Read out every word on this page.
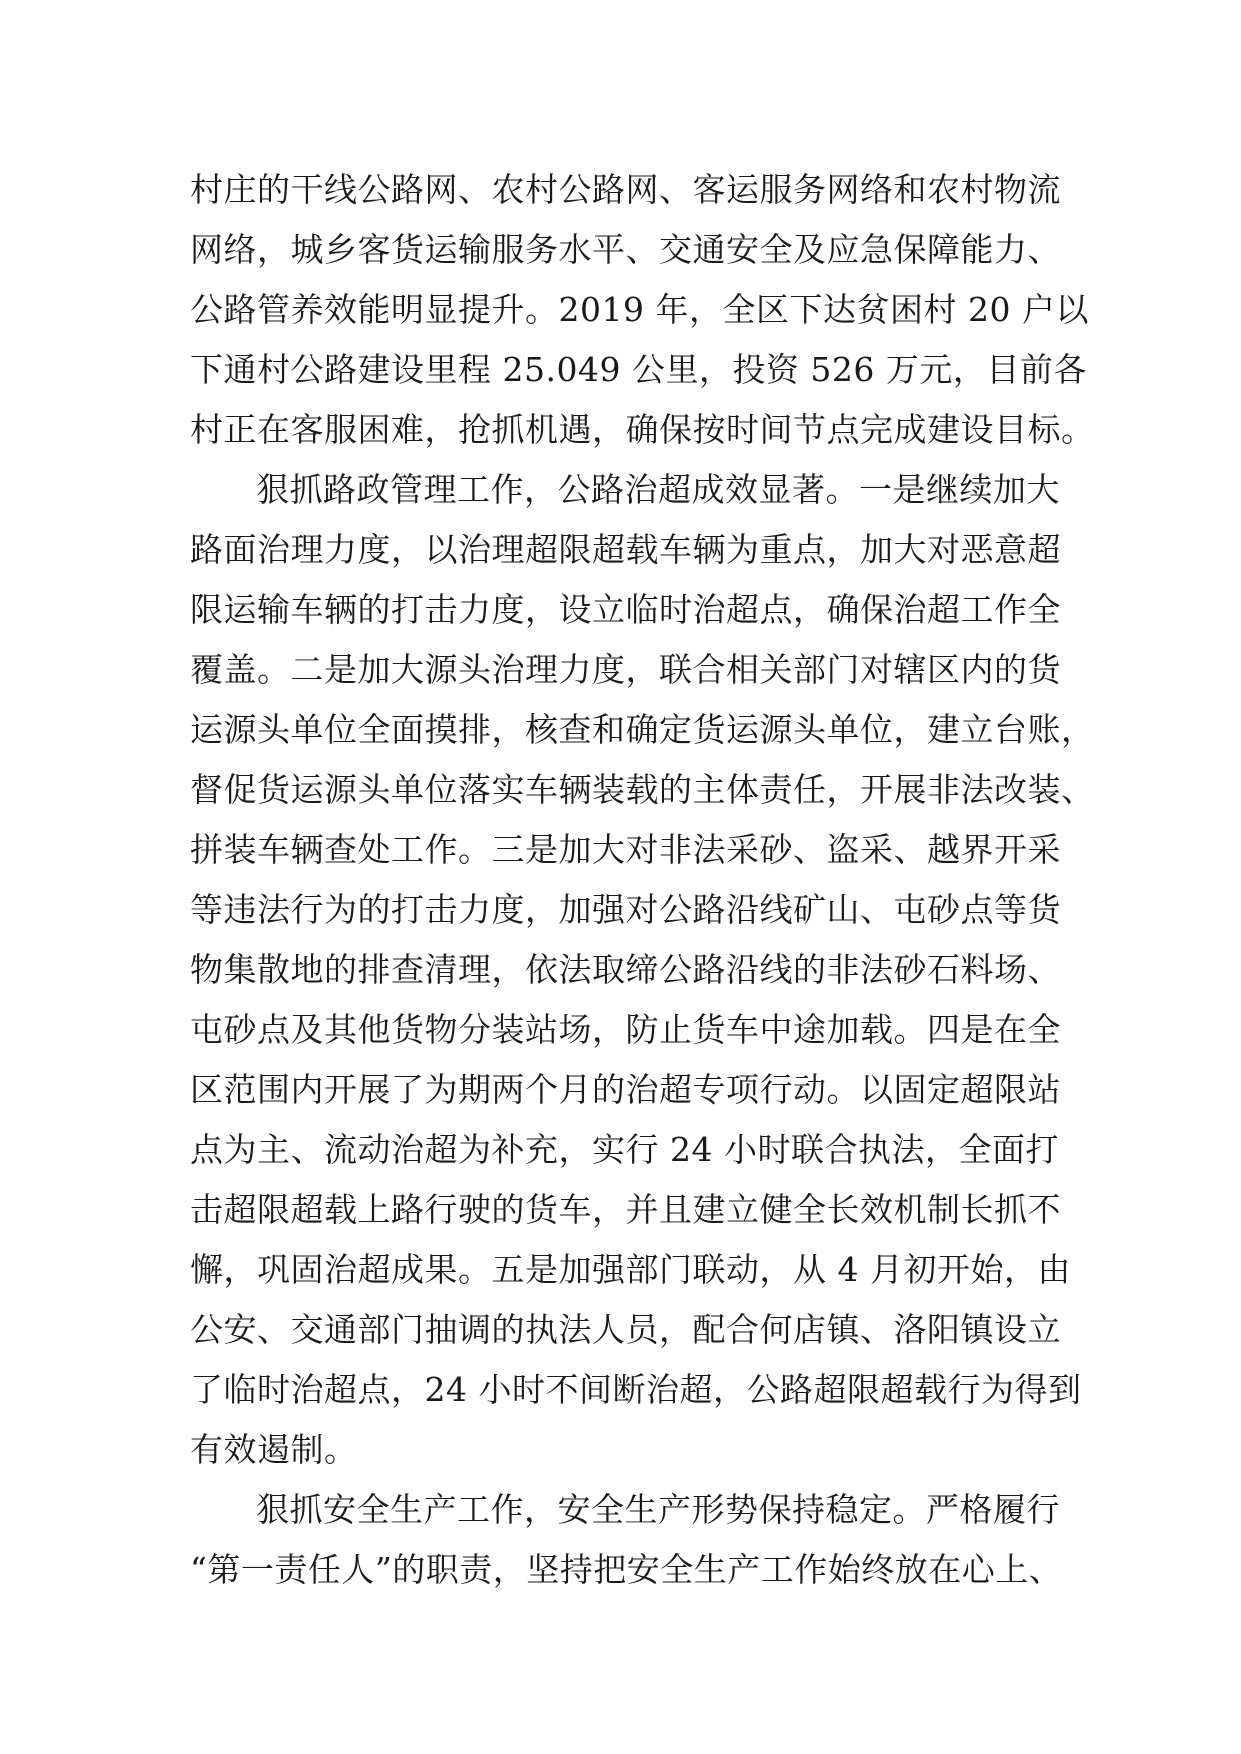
村庄的干线公路网、农村公路网、客运服务网络和农村物流
网络，城乡客货运输服务水平、交通安全及应急保障能力、
公路管养效能明显提升。2019 年，全区下达贫困村 20 户以
下通村公路建设里程 25.049 公里，投资 526 万元，目前各
村正在客服困难，抢抓机遇，确保按时间节点完成建设目标。
狠抓路政管理工作，公路治超成效显著。一是继续加大
路面治理力度，以治理超限超载车辆为重点，加大对恶意超
限运输车辆的打击力度，设立临时治超点，确保治超工作全
覆盖。二是加大源头治理力度，联合相关部门对辖区内的货
运源头单位全面摸排，核查和确定货运源头单位，建立台账，
督促货运源头单位落实车辆装载的主体责任，开展非法改装、
拼装车辆查处工作。三是加大对非法采砂、盗采、越界开采
等违法行为的打击力度，加强对公路沿线矿山、屯砂点等货
物集散地的排查清理，依法取缔公路沿线的非法砂石料场、
屯砂点及其他货物分装站场，防止货车中途加载。四是在全
区范围内开展了为期两个月的治超专项行动。以固定超限站
点为主、流动治超为补充，实行 24 小时联合执法，全面打
击超限超载上路行驶的货车，并且建立健全长效机制长抓不
懈，巩固治超成果。五是加强部门联动，从 4 月初开始，由
公安、交通部门抽调的执法人员，配合何店镇、洛阳镇设立
了临时治超点，24 小时不间断治超，公路超限超载行为得到
有效遏制。
狠抓安全生产工作，安全生产形势保持稳定。严格履行
“第一责任人”的职责，坚持把安全生产工作始终放在心上、
